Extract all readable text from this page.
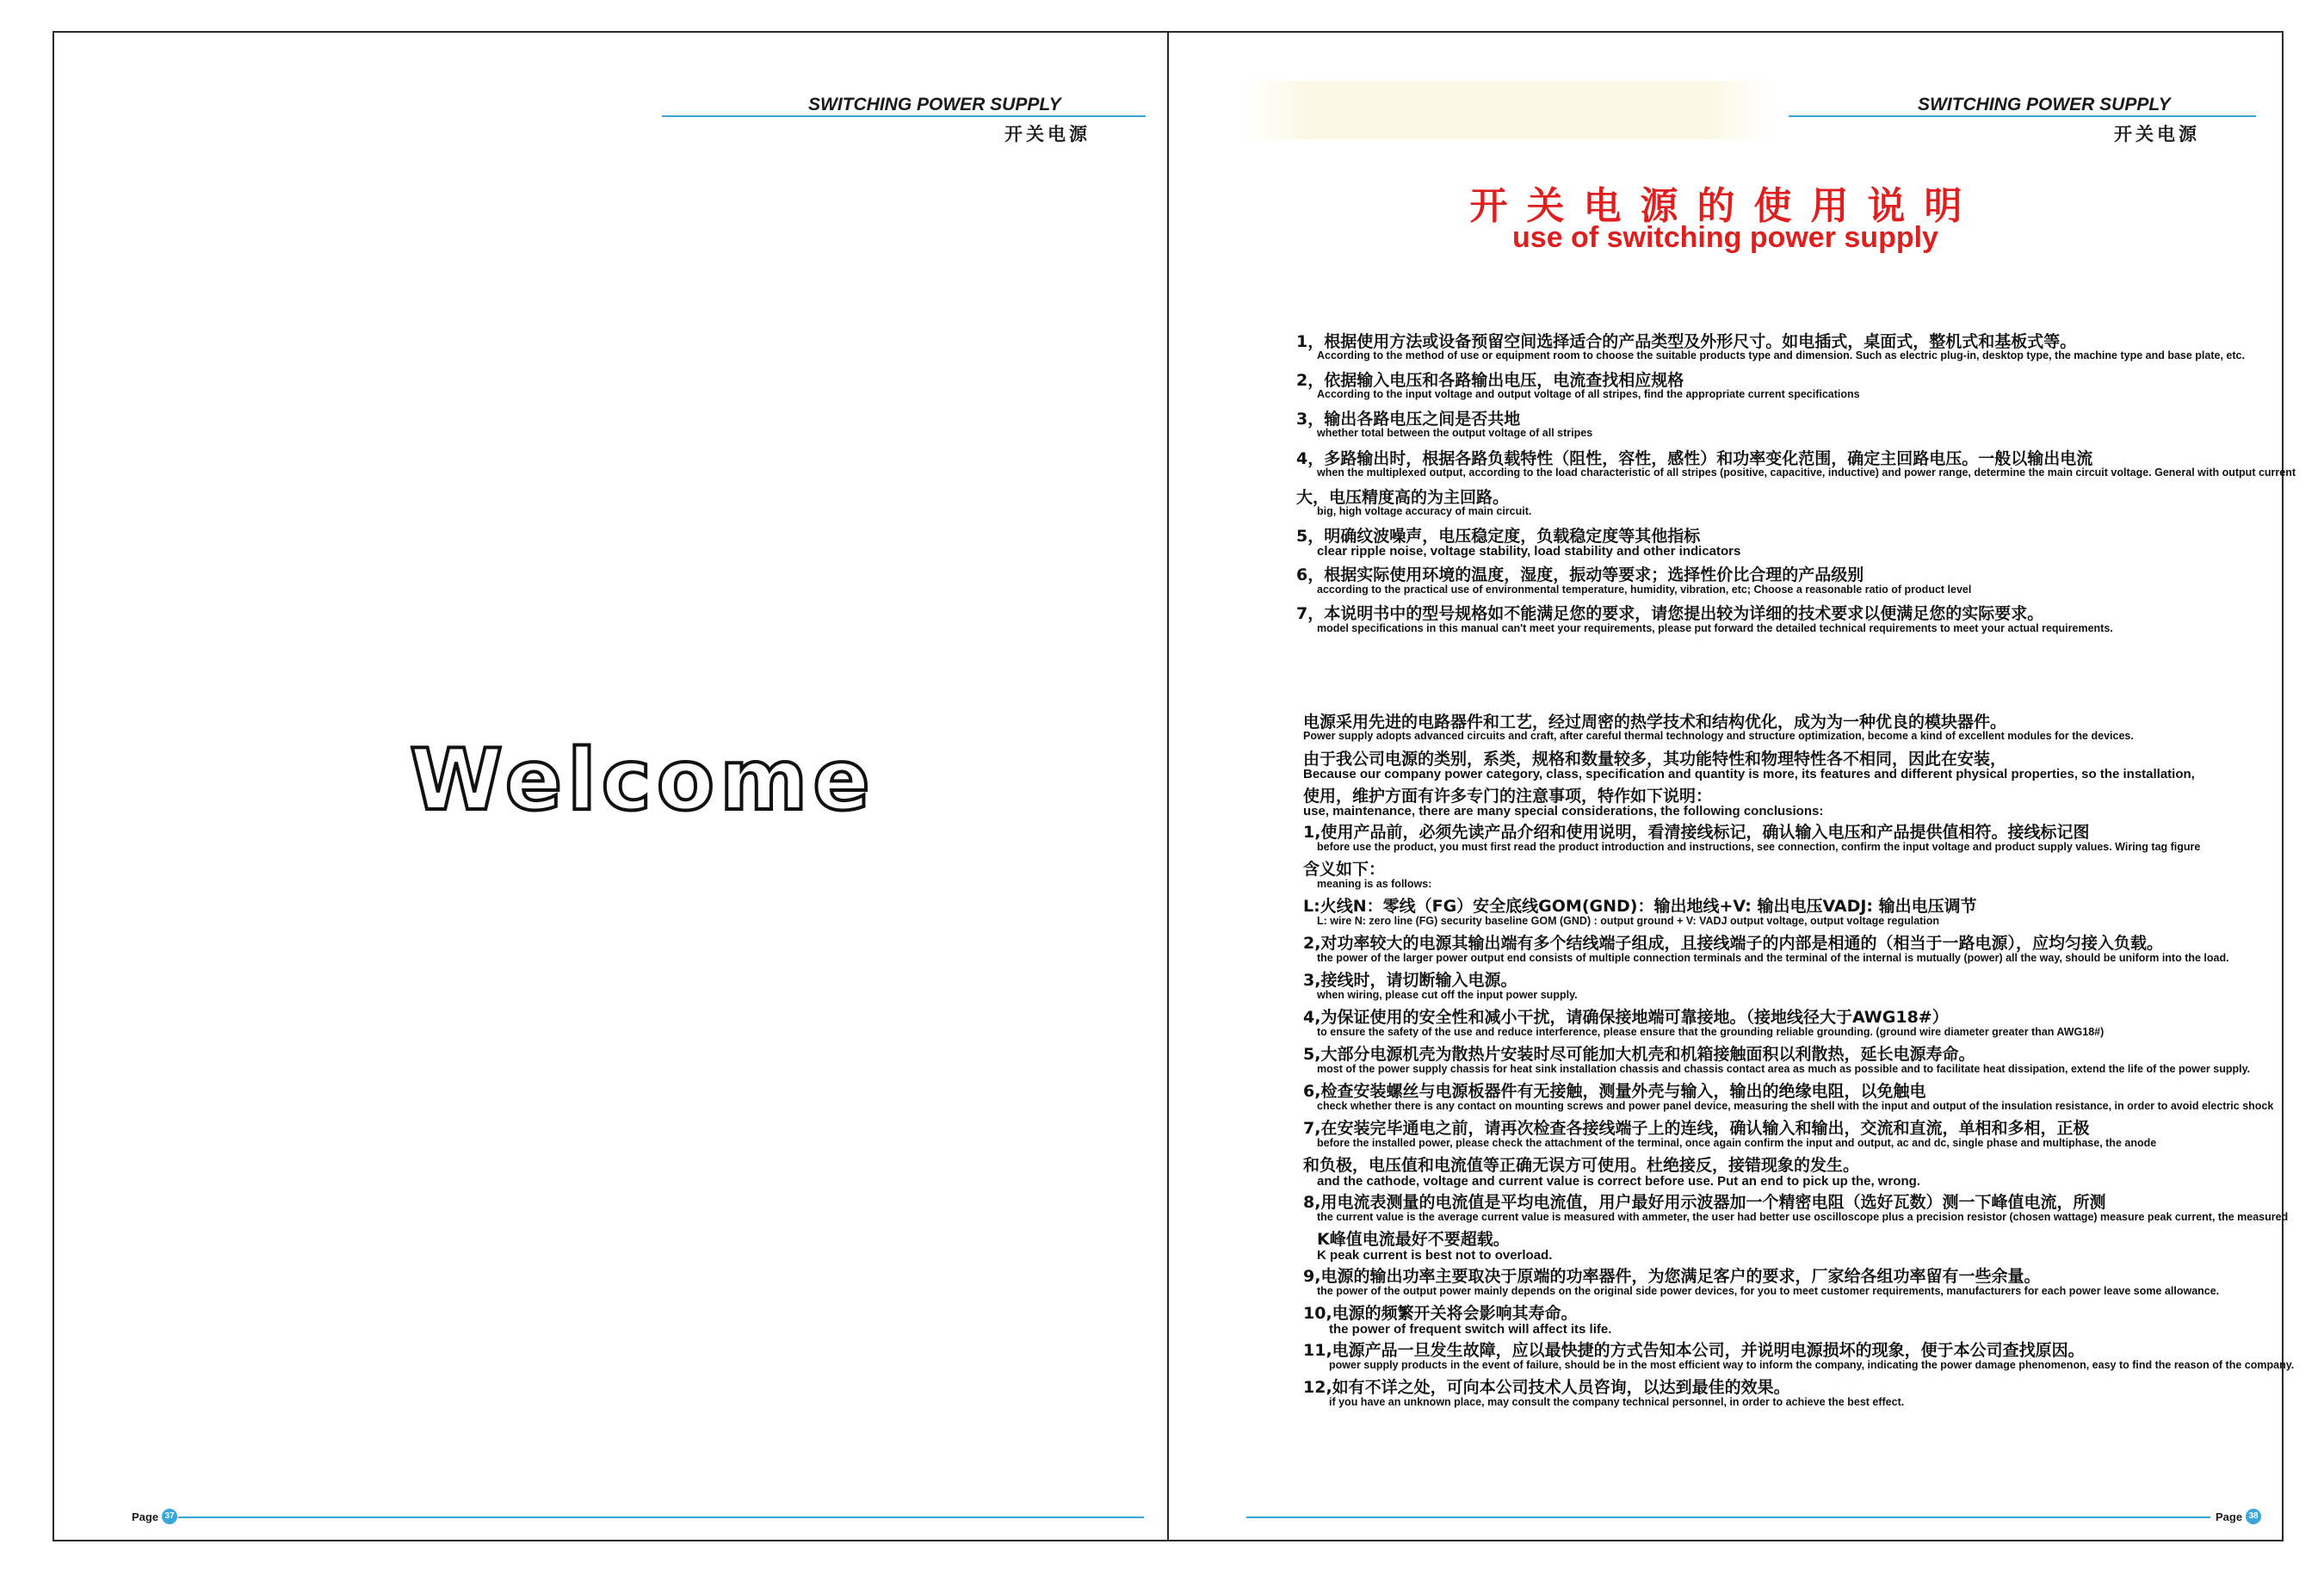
SWITCHING POWER SUPPLY
开关电源
Welcome
Page 37
SWITCHING POWER SUPPLY
开关电源
开关电源的使用说明
use of switching power supply
1，根据使用方法或设备预留空间选择适合的产品类型及外形尺寸。如电插式，桌面式，整机式和基板式等。
According to the method of use or equipment room to choose the suitable products type and dimension. Such as electric plug-in, desktop type, the machine type and base plate, etc.
2，依据输入电压和各路输出电压，电流查找相应规格
According to the input voltage and output voltage of all stripes, find the appropriate current specifications
3，输出各路电压之间是否共地
whether total between the output voltage of all stripes
4，多路输出时，根据各路负载特性（阻性，容性，感性）和功率变化范围，确定主回路电压。一般以输出电流
when the multiplexed output, according to the load characteristic of all stripes (positive, capacitive, inductive) and power range, determine the main circuit voltage. General with output current
大，电压精度高的为主回路。
big, high voltage accuracy of main circuit.
5，明确纹波噪声，电压稳定度，负载稳定度等其他指标
clear ripple noise, voltage stability, load stability and other indicators
6，根据实际使用环境的温度，湿度，振动等要求；选择性价比合理的产品级别
according to the practical use of environmental temperature, humidity, vibration, etc; Choose a reasonable ratio of product level
7，本说明书中的型号规格如不能满足您的要求，请您提出较为详细的技术要求以便满足您的实际要求。
model specifications in this manual can't meet your requirements, please put forward the detailed technical requirements to meet your actual requirements.
电源采用先进的电路器件和工艺，经过周密的热学技术和结构优化，成为为一种优良的模块器件。
Power supply adopts advanced circuits and craft, after careful thermal technology and structure optimization, become a kind of excellent modules for the devices.
由于我公司电源的类别，系类，规格和数量较多，其功能特性和物理特性各不相同，因此在安装，
Because our company power category, class, specification and quantity is more, its features and different physical properties, so the installation,
使用，维护方面有许多专门的注意事项，特作如下说明：
use, maintenance, there are many special considerations, the following conclusions:
1,使用产品前，必须先读产品介绍和使用说明，看清接线标记，确认输入电压和产品提供值相符。接线标记图
before use the product, you must first read the product introduction and instructions, see connection, confirm the input voltage and product supply values. Wiring tag figure
含义如下：
meaning is as follows:
L:火线N：零线（FG）安全底线GOM(GND)：输出地线+V: 输出电压VADJ: 输出电压调节
L: wire N: zero line (FG) security baseline GOM (GND) : output ground + V: VADJ output voltage, output voltage regulation
2,对功率较大的电源其输出端有多个结线端子组成，且接线端子的内部是相通的（相当于一路电源），应均匀接入负载。
the power of the larger power output end consists of multiple connection terminals and the terminal of the internal is mutually (power) all the way, should be uniform into the load.
3,接线时，请切断输入电源。
when wiring, please cut off the input power supply.
4,为保证使用的安全性和减小干扰，请确保接地端可靠接地。（接地线径大于AWG18#）
to ensure the safety of the use and reduce interference, please ensure that the grounding reliable grounding. (ground wire diameter greater than AWG18#)
5,大部分电源机壳为散热片安装时尽可能加大机壳和机箱接触面积以利散热，延长电源寿命。
most of the power supply chassis for heat sink installation chassis and chassis contact area as much as possible and to facilitate heat dissipation, extend the life of the power supply.
6,检查安装螺丝与电源板器件有无接触，测量外壳与输入，输出的绝缘电阻，以免触电
check whether there is any contact on mounting screws and power panel device, measuring the shell with the input and output of the insulation resistance, in order to avoid electric shock
7,在安装完毕通电之前，请再次检查各接线端子上的连线，确认输入和输出，交流和直流，单相和多相，正极
before the installed power, please check the attachment of the terminal, once again confirm the input and output, ac and dc, single phase and multiphase, the anode
和负极，电压值和电流值等正确无误方可使用。杜绝接反，接错现象的发生。
and the cathode, voltage and current value is correct before use. Put an end to pick up the, wrong.
8,用电流表测量的电流值是平均电流值，用户最好用示波器加一个精密电阻（选好瓦数）测一下峰值电流，所测
the current value is the average current value is measured with ammeter, the user had better use oscilloscope plus a precision resistor (chosen wattage) measure peak current, the measured
K峰值电流最好不要超载。
K peak current is best not to overload.
9,电源的输出功率主要取决于原端的功率器件，为您满足客户的要求，厂家给各组功率留有一些余量。
the power of the output power mainly depends on the original side power devices, for you to meet customer requirements, manufacturers for each power leave some allowance.
10,电源的频繁开关将会影响其寿命。
the power of frequent switch will affect its life.
11,电源产品一旦发生故障，应以最快捷的方式告知本公司，并说明电源损坏的现象，便于本公司查找原因。
power supply products in the event of failure, should be in the most efficient way to inform the company, indicating the power damage phenomenon, easy to find the reason of the company.
12,如有不详之处，可向本公司技术人员咨询，以达到最佳的效果。
if you have an unknown place, may consult the company technical personnel, in order to achieve the best effect.
Page 38
